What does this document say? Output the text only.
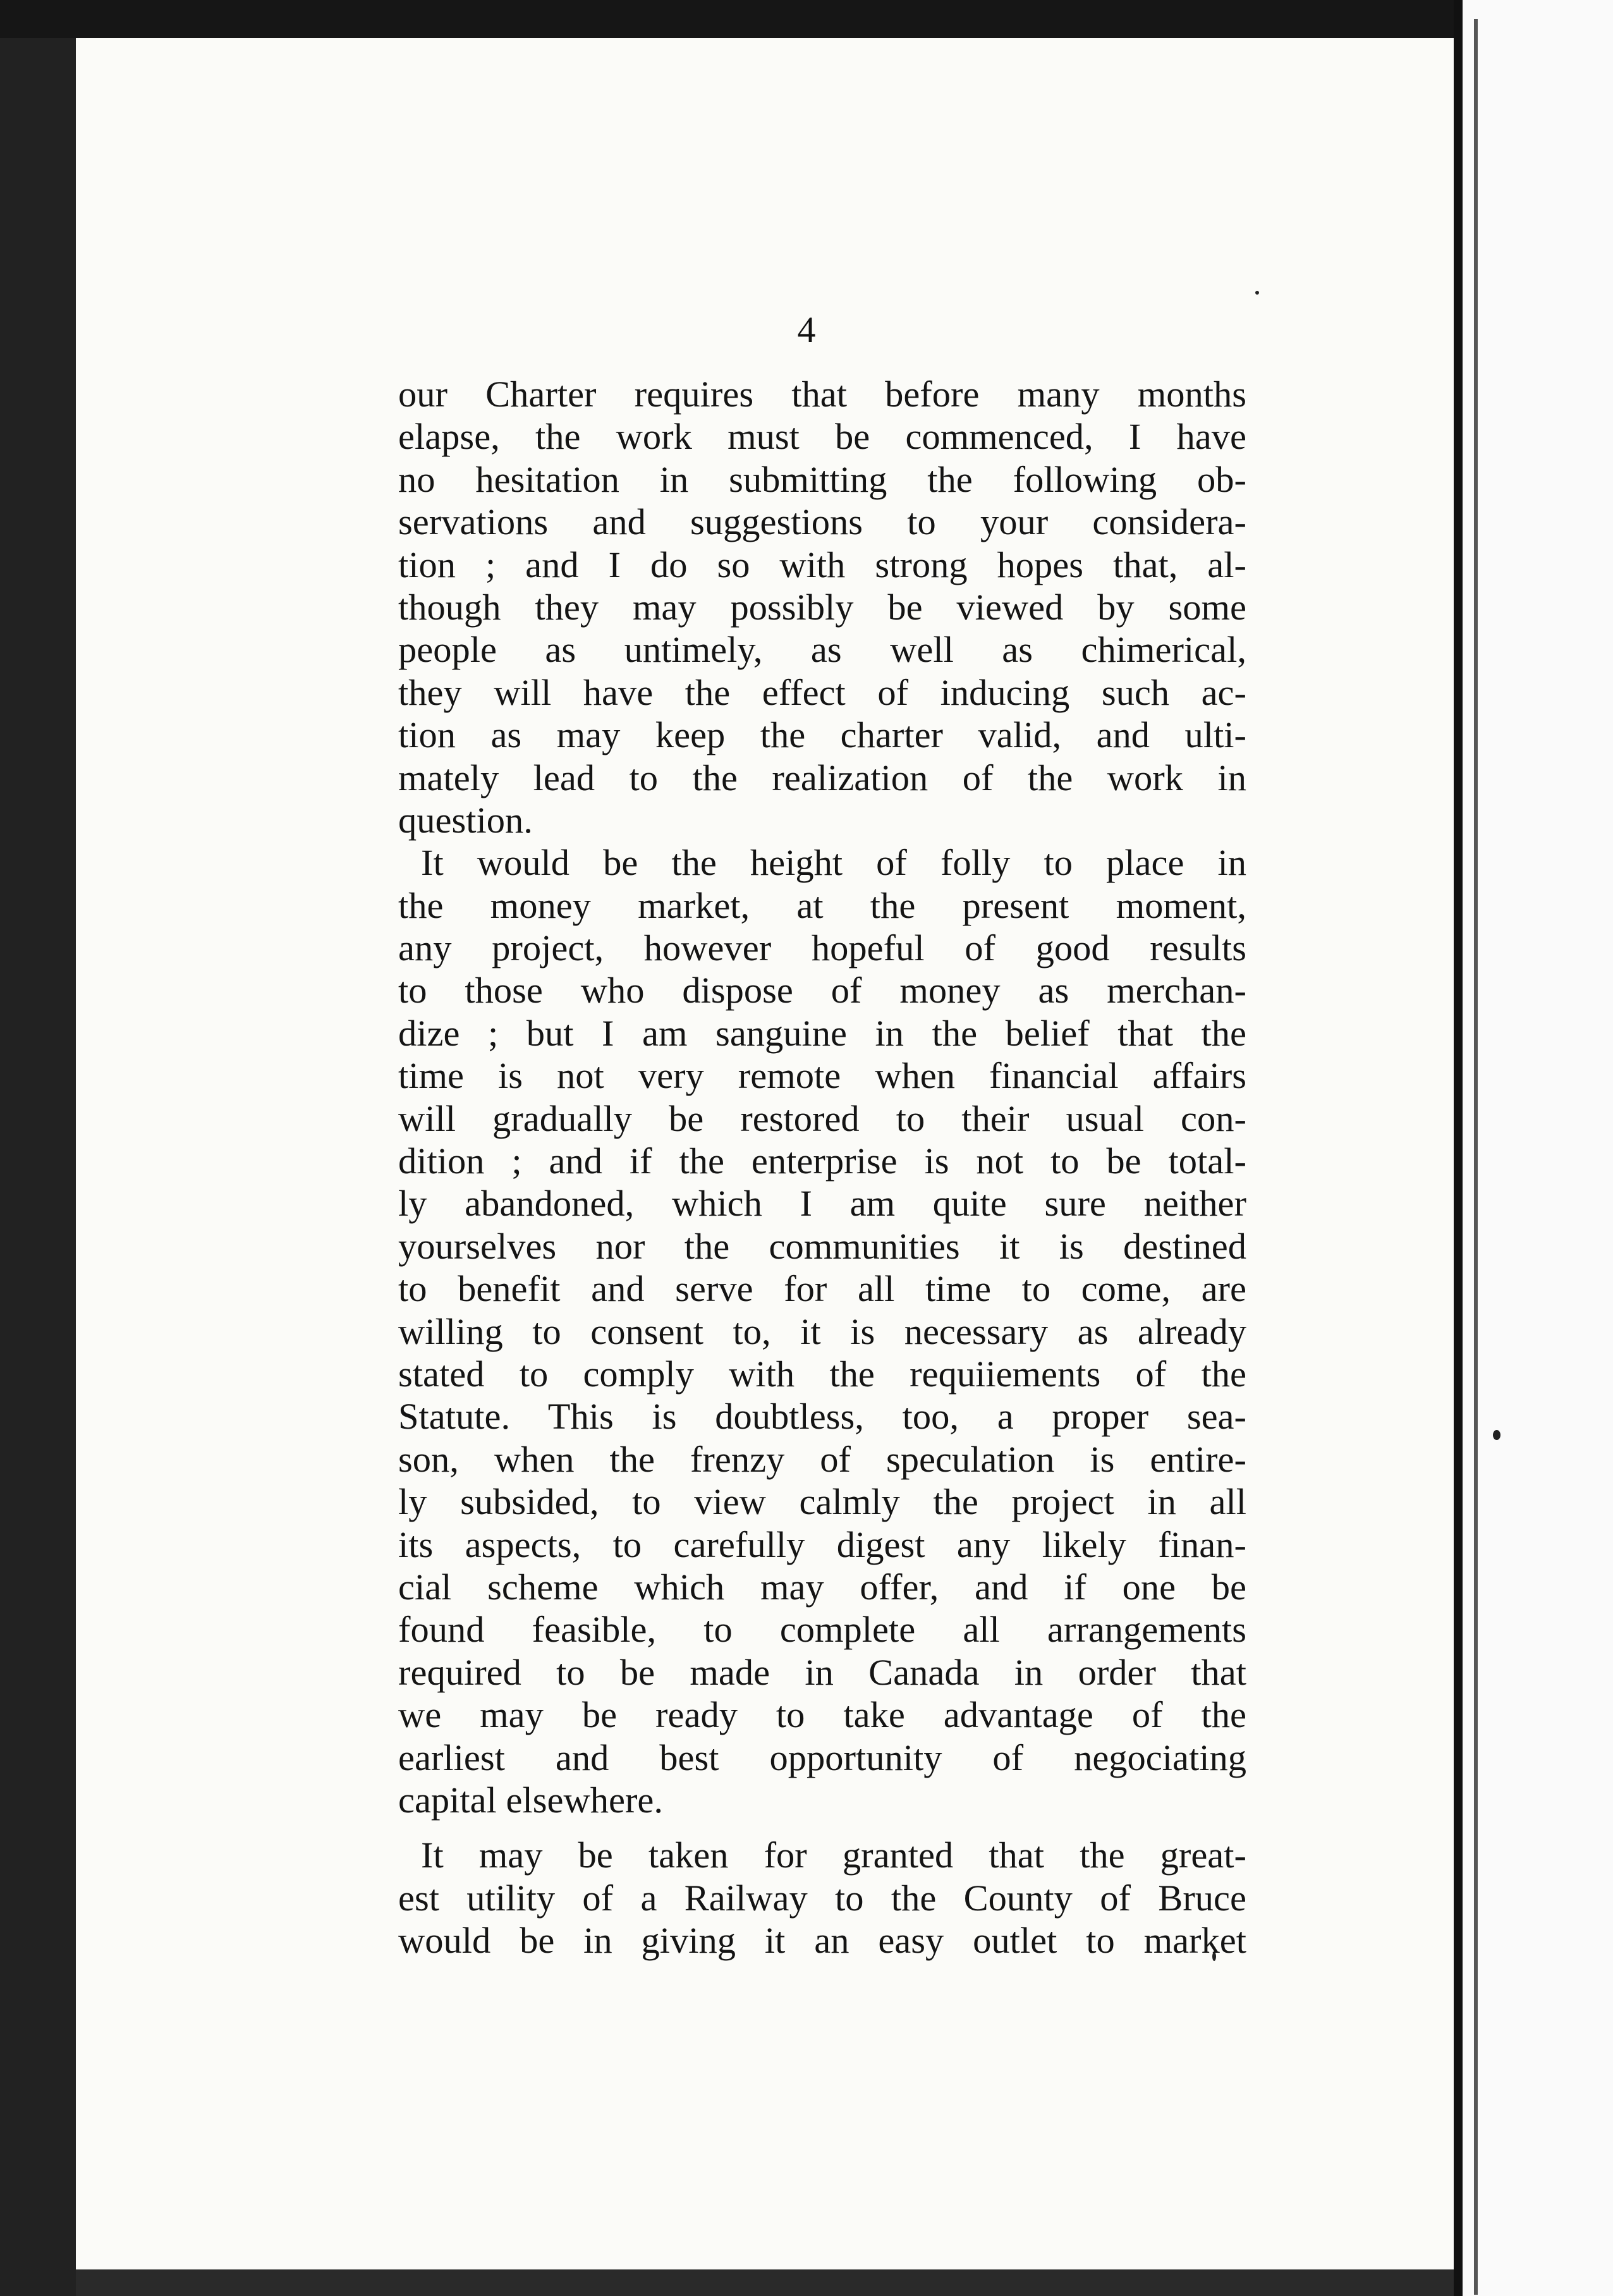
4
our Charter requires that before many months
elapse, the work must be commenced, I have
no hesitation in submitting the following ob-
servations and suggestions to your considera-
tion ; and I do so with strong hopes that, al-
though they may possibly be viewed by some
people as untimely, as well as chimerical,
they will have the effect of inducing such ac-
tion as may keep the charter valid, and ulti-
mately lead to the realization of the work in
question.
It would be the height of folly to place in
the money market, at the present moment,
any project, however hopeful of good results
to those who dispose of money as merchan-
dize ; but I am sanguine in the belief that the
time is not very remote when financial affairs
will gradually be restored to their usual con-
dition ; and if the enterprise is not to be total-
ly abandoned, which I am quite sure neither
yourselves nor the communities it is destined
to benefit and serve for all time to come, are
willing to consent to, it is necessary as already
stated to comply with the requiiements of the
Statute. This is doubtless, too, a proper sea-
son, when the frenzy of speculation is entire-
ly subsided, to view calmly the project in all
its aspects, to carefully digest any likely finan-
cial scheme which may offer, and if one be
found feasible, to complete all arrangements
required to be made in Canada in order that
we may be ready to take advantage of the
earliest and best opportunity of negociating
capital elsewhere.
It may be taken for granted that the great-
est utility of a Railway to the County of Bruce
would be in giving it an easy outlet to market
